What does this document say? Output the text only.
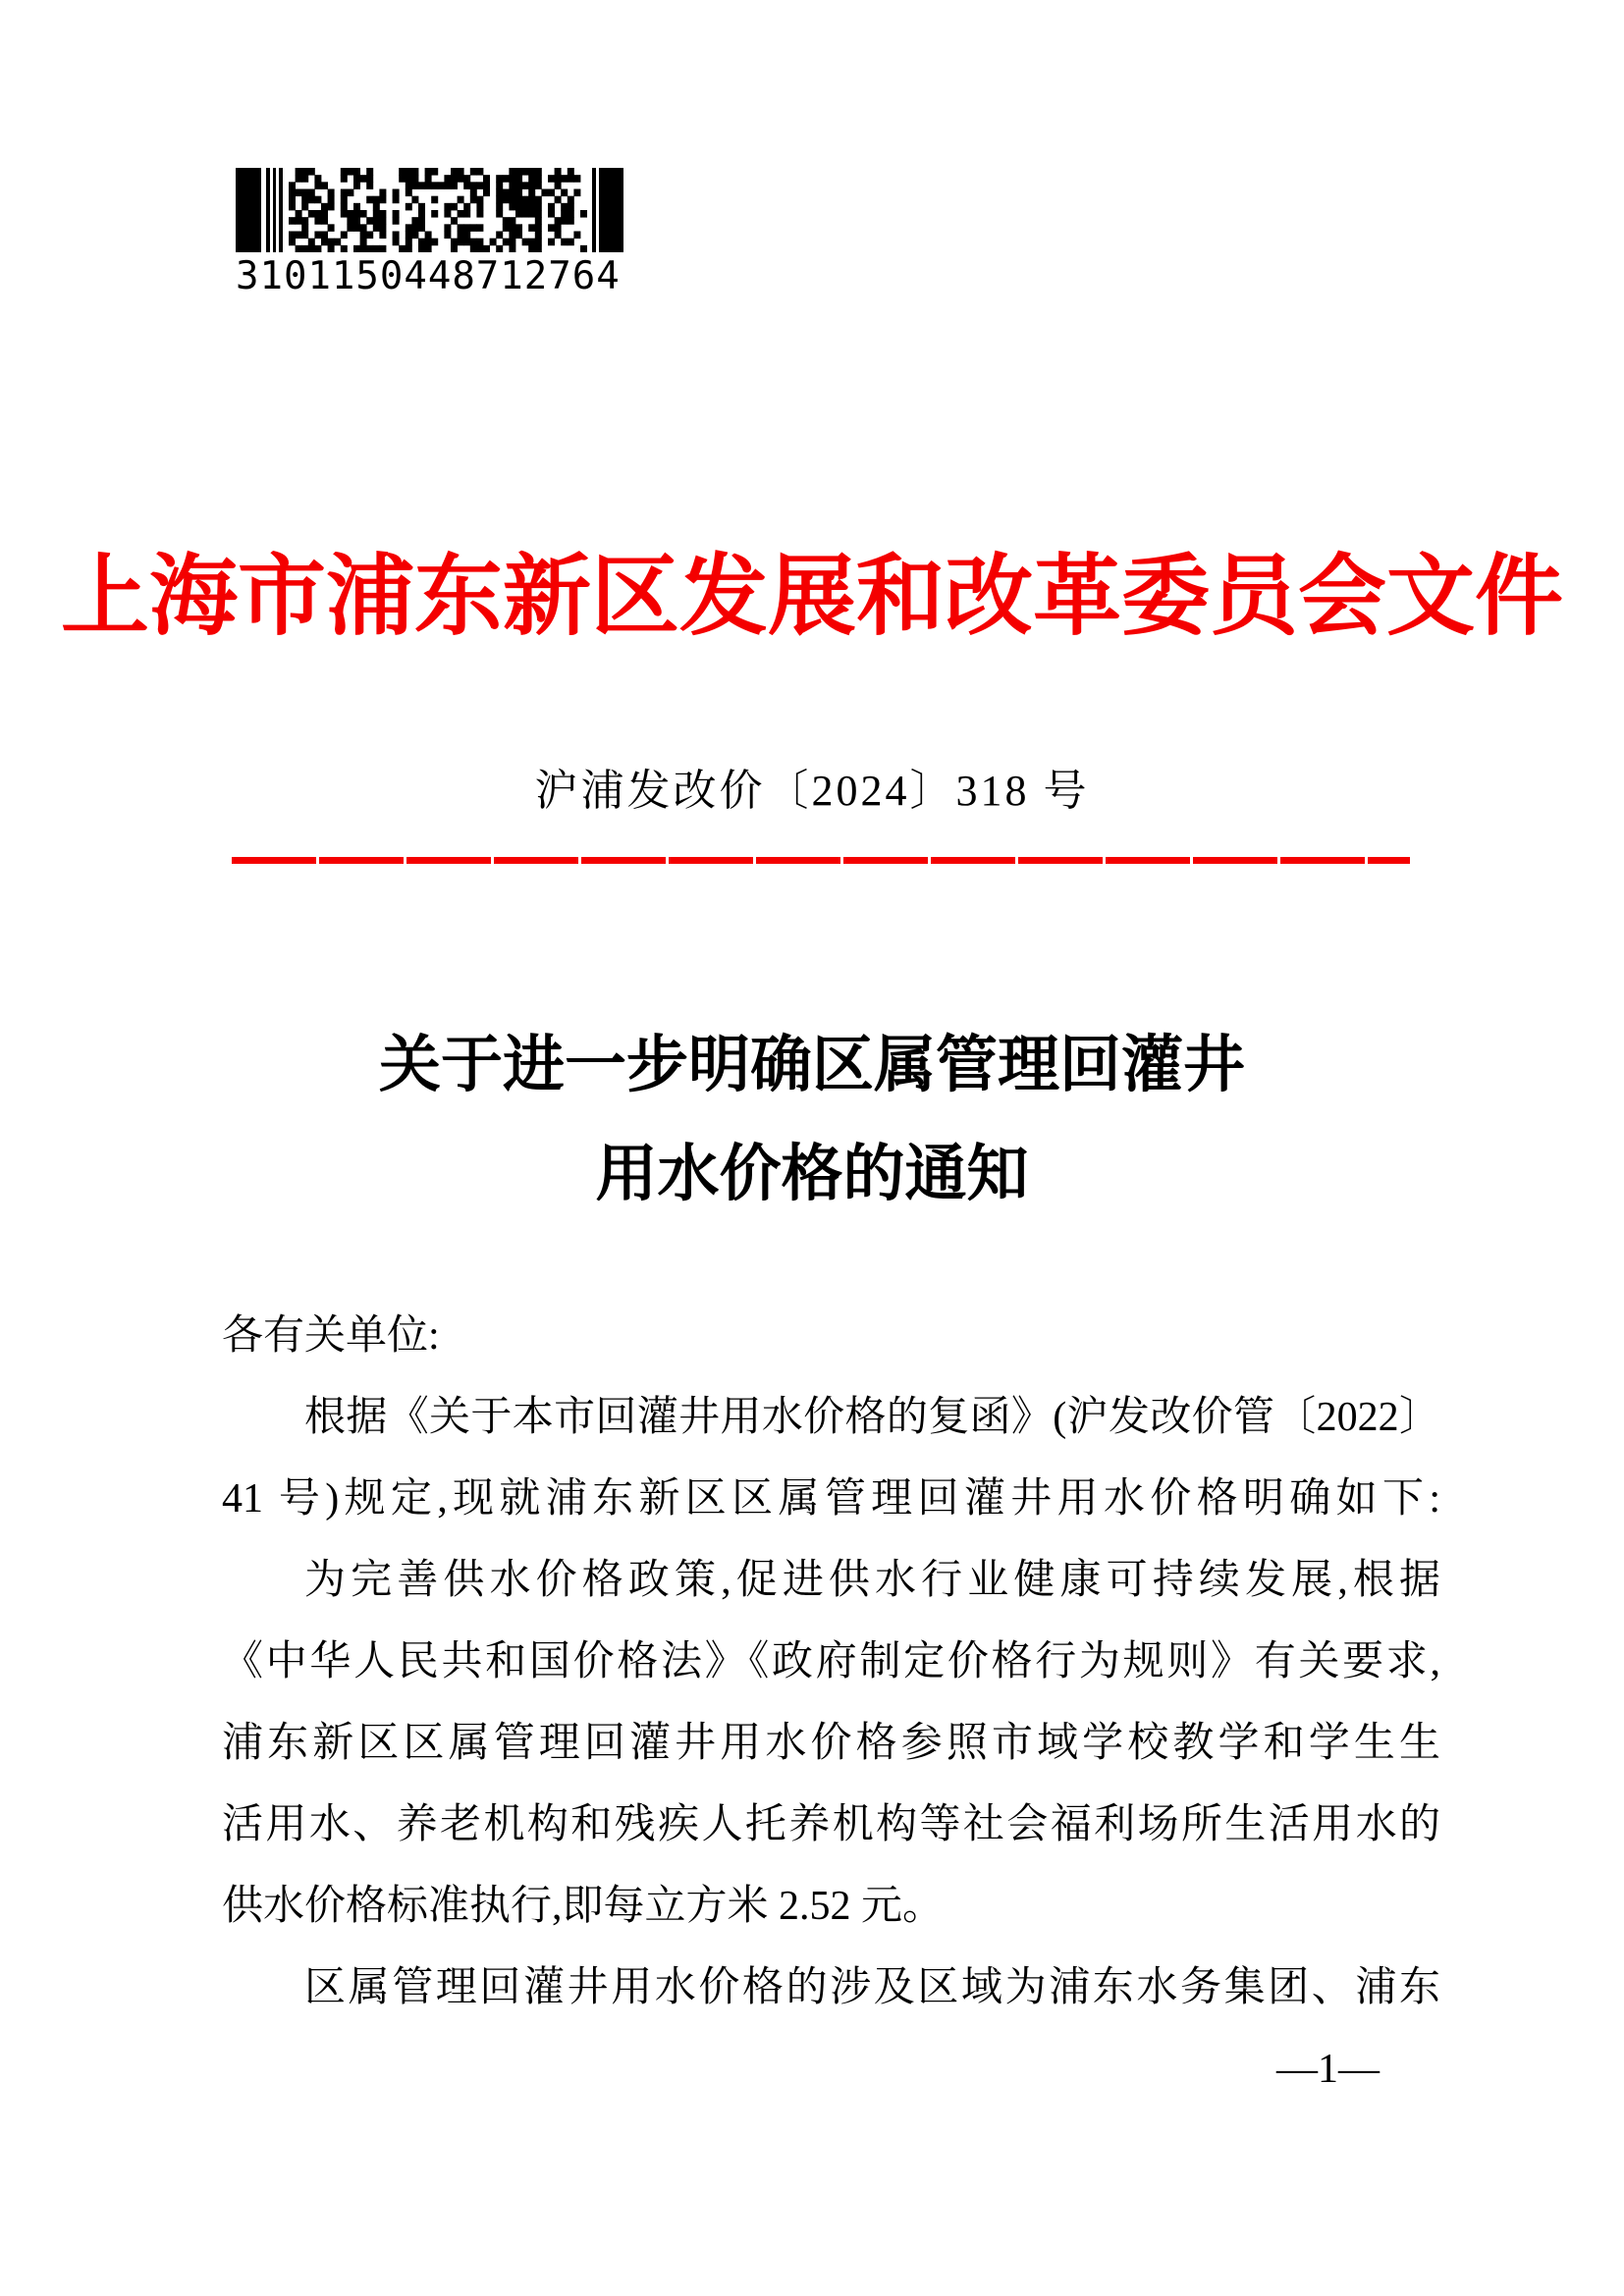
3101150448712764
上海市浦东新区发展和改革委员会文件
沪浦发改价〔2024〕318 号
关于进一步明确区属管理回灌井
用水价格的通知
各有关单位:
根据《关于本市回灌井用水价格的复函》(沪发改价管〔2022〕
41 号)规定,现就浦东新区区属管理回灌井用水价格明确如下:
为完善供水价格政策,促进供水行业健康可持续发展,根据
《中华人民共和国价格法》《政府制定价格行为规则》有关要求,
浦东新区区属管理回灌井用水价格参照市域学校教学和学生生
活用水、养老机构和残疾人托养机构等社会福利场所生活用水的
供水价格标准执行,即每立方米 2.52 元。
区属管理回灌井用水价格的涉及区域为浦东水务集团、浦东
—1—
